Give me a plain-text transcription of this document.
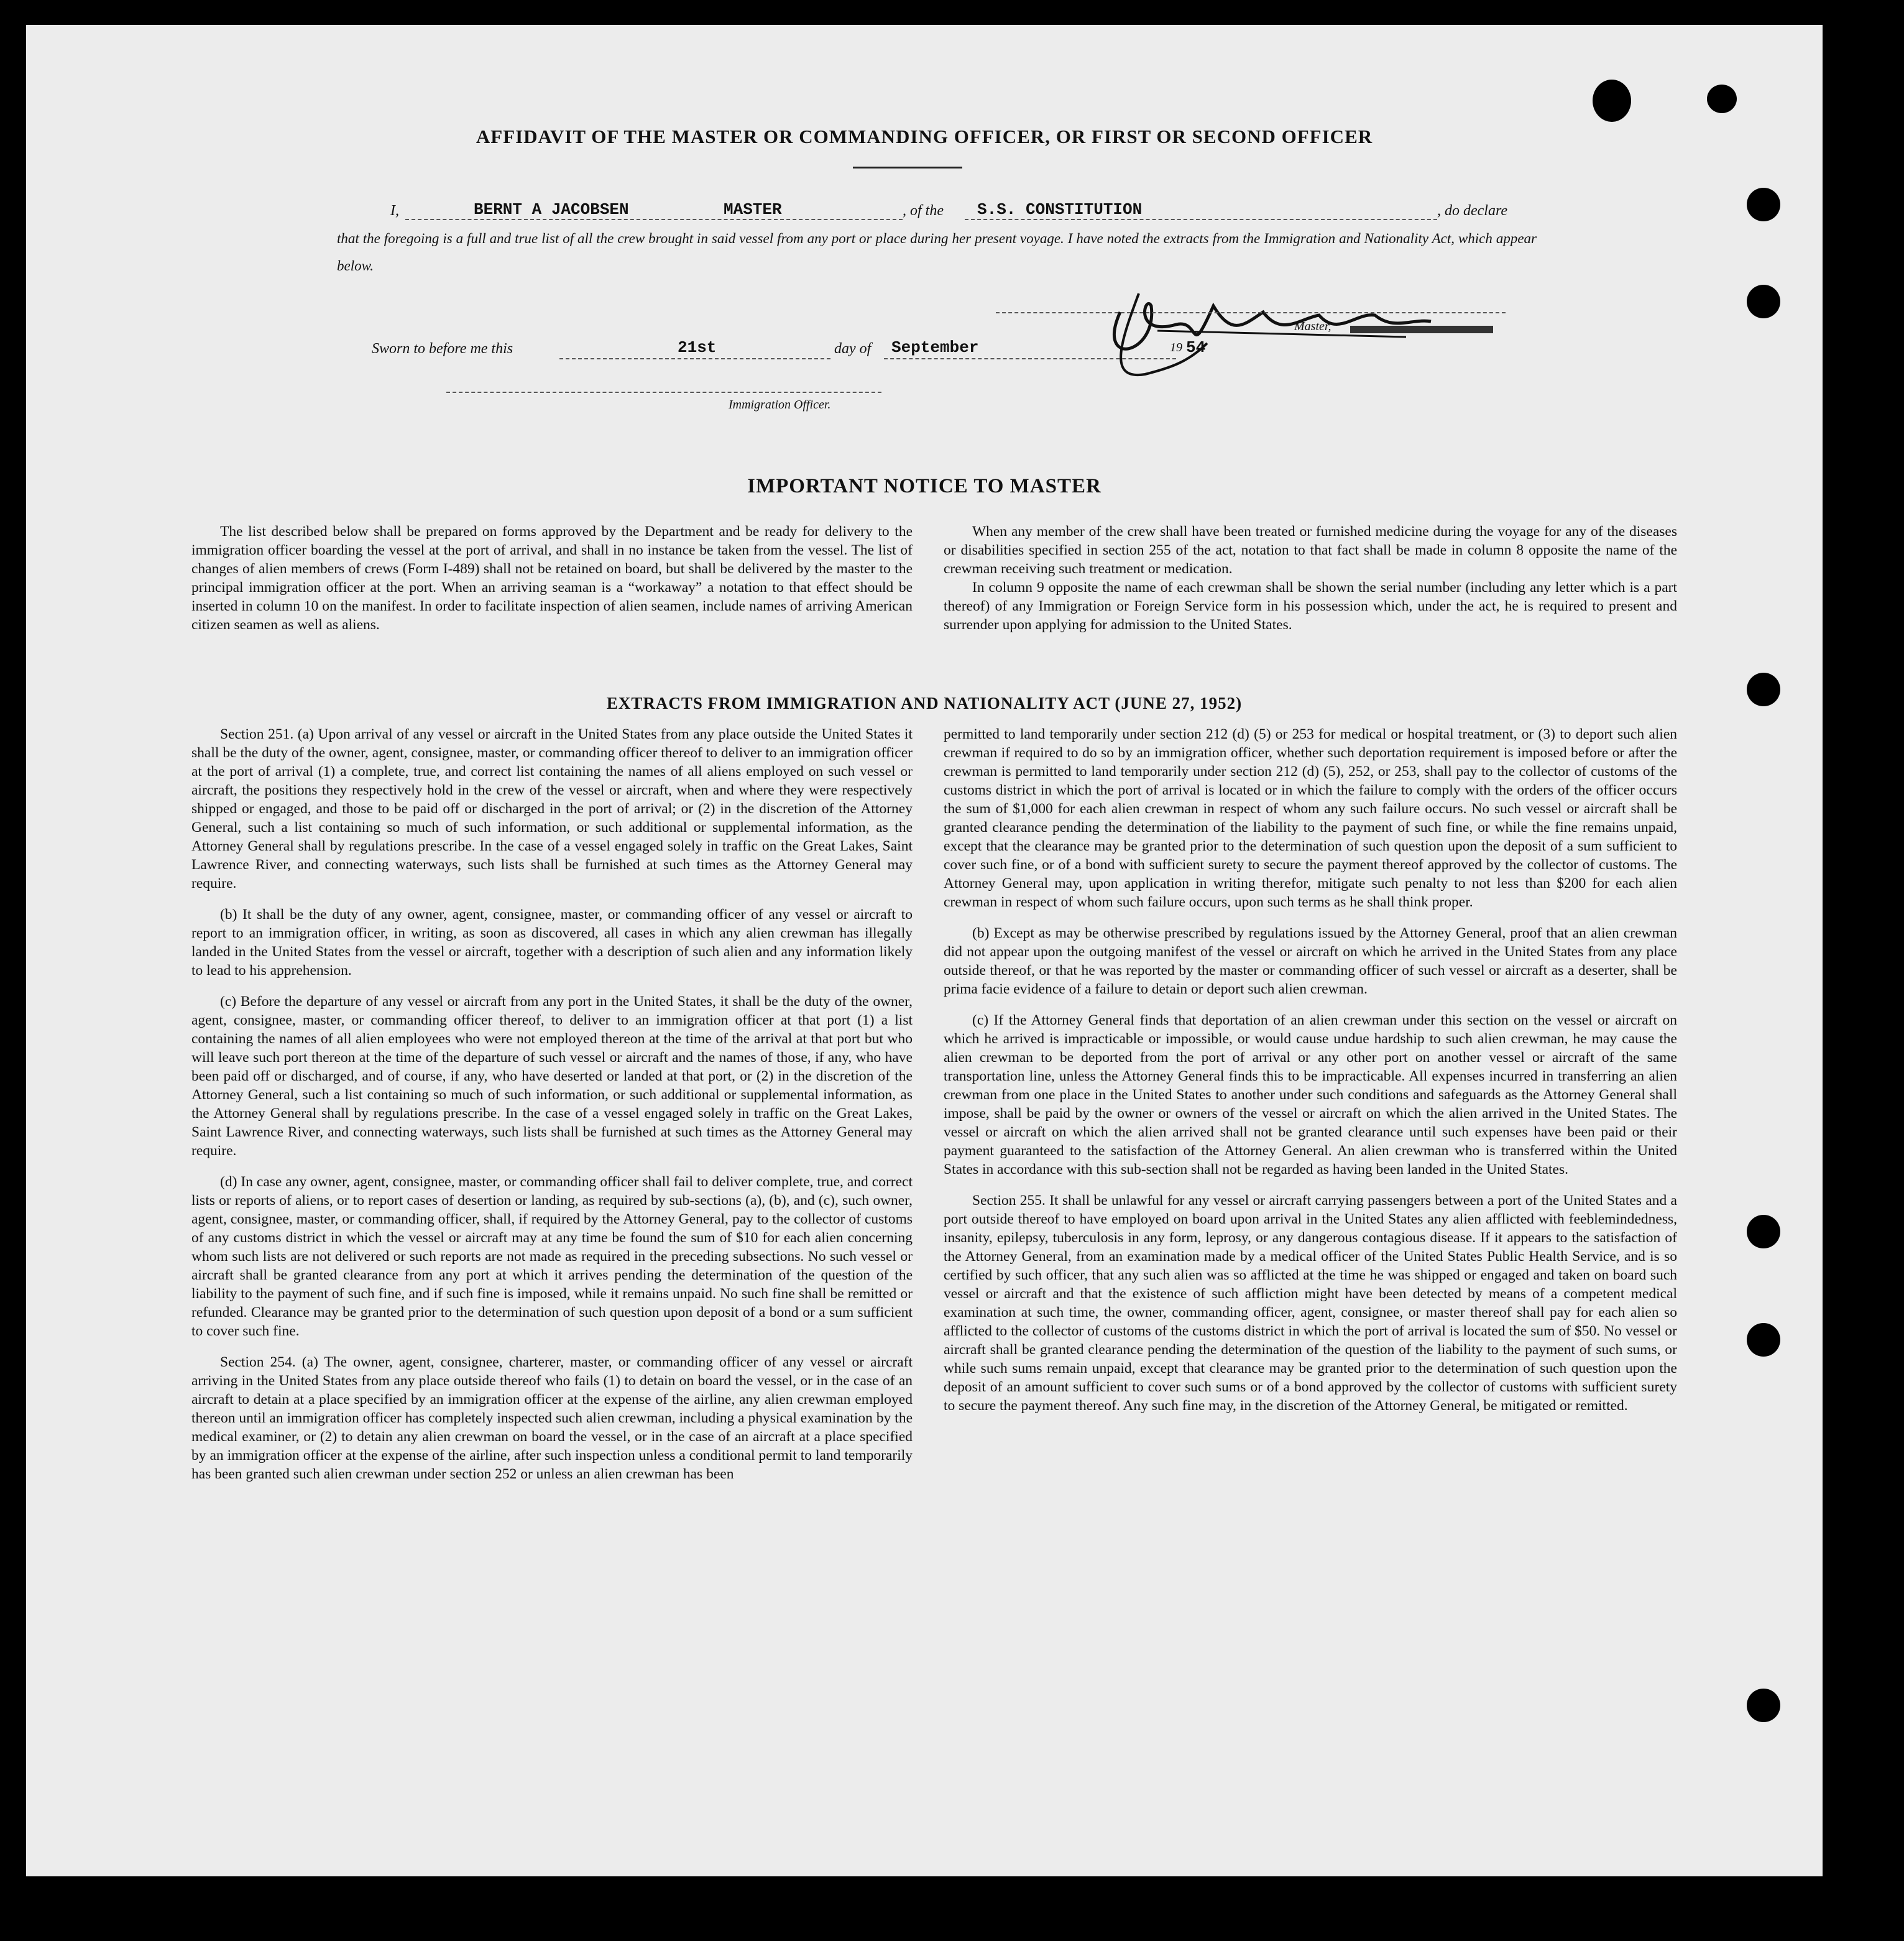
AFFIDAVIT OF THE MASTER OR COMMANDING OFFICER, OR FIRST OR SECOND OFFICER
I,	BERNT A JACOBSEN	MASTER	, of the S.S. CONSTITUTION	, do declare
that the foregoing is a full and true list of all the crew brought in said vessel from any port or place during her present voyage. I have noted the extracts from the Immigration and Nationality Act, which appear below.
Master,
Sworn to before me this	21st	day of September	19 54
Immigration Officer.
IMPORTANT NOTICE TO MASTER

The list described below shall be prepared on forms approved by the Department and be ready for delivery to the immigration officer boarding the vessel at the port of arrival, and shall in no instance be taken from the vessel. The list of changes of alien members of crews (Form I-489) shall not be retained on board, but shall be delivered by the master to the principal immigration officer at the port. When an arriving seaman is a “workaway” a notation to that effect should be inserted in column 10 on the manifest. In order to facilitate inspection of alien seamen, include names of arriving American citizen seamen as well as aliens.

When any member of the crew shall have been treated or furnished medicine during the voyage for any of the diseases or disabilities specified in section 255 of the act, notation to that fact shall be made in column 8 opposite the name of the crewman receiving such treatment or medication.

In column 9 opposite the name of each crewman shall be shown the serial number (including any letter which is a part thereof) of any Immigration or Foreign Service form in his possession which, under the act, he is required to present and surrender upon applying for admission to the United States.

EXTRACTS FROM IMMIGRATION AND NATIONALITY ACT (JUNE 27, 1952)

Section 251. (a) Upon arrival of any vessel or aircraft in the United States from any place outside the United States it shall be the duty of the owner, agent, consignee, master, or commanding officer thereof to deliver to an immigration officer at the port of arrival (1) a complete, true, and correct list containing the names of all aliens employed on such vessel or aircraft, the positions they respectively hold in the crew of the vessel or aircraft, when and where they were respectively shipped or engaged, and those to be paid off or discharged in the port of arrival; or (2) in the discretion of the Attorney General, such a list containing so much of such information, or such additional or supplemental information, as the Attorney General shall by regulations prescribe. In the case of a vessel engaged solely in traffic on the Great Lakes, Saint Lawrence River, and connecting waterways, such lists shall be furnished at such times as the Attorney General may require.

(b) It shall be the duty of any owner, agent, consignee, master, or commanding officer of any vessel or aircraft to report to an immigration officer, in writing, as soon as discovered, all cases in which any alien crewman has illegally landed in the United States from the vessel or aircraft, together with a description of such alien and any information likely to lead to his apprehension.

(c) Before the departure of any vessel or aircraft from any port in the United States, it shall be the duty of the owner, agent, consignee, master, or commanding officer thereof, to deliver to an immigration officer at that port (1) a list containing the names of all alien employees who were not employed thereon at the time of the arrival at that port but who will leave such port thereon at the time of the departure of such vessel or aircraft and the names of those, if any, who have been paid off or discharged, and of course, if any, who have deserted or landed at that port, or (2) in the discretion of the Attorney General, such a list containing so much of such information, or such additional or supplemental information, as the Attorney General shall by regulations prescribe. In the case of a vessel engaged solely in traffic on the Great Lakes, Saint Lawrence River, and connecting waterways, such lists shall be furnished at such times as the Attorney General may require.

(d) In case any owner, agent, consignee, master, or commanding officer shall fail to deliver complete, true, and correct lists or reports of aliens, or to report cases of desertion or landing, as required by sub-sections (a), (b), and (c), such owner, agent, consignee, master, or commanding officer, shall, if required by the Attorney General, pay to the collector of customs of any customs district in which the vessel or aircraft may at any time be found the sum of $10 for each alien concerning whom such lists are not delivered or such reports are not made as required in the preceding subsections. No such vessel or aircraft shall be granted clearance from any port at which it arrives pending the determination of the question of the liability to the payment of such fine, and if such fine is imposed, while it remains unpaid. No such fine shall be remitted or refunded. Clearance may be granted prior to the determination of such question upon deposit of a bond or a sum sufficient to cover such fine.

Section 254. (a) The owner, agent, consignee, charterer, master, or commanding officer of any vessel or aircraft arriving in the United States from any place outside thereof who fails (1) to detain on board the vessel, or in the case of an aircraft to detain at a place specified by an immigration officer at the expense of the airline, any alien crewman employed thereon until an immigration officer has completely inspected such alien crewman, including a physical examination by the medical examiner, or (2) to detain any alien crewman on board the vessel, or in the case of an aircraft at a place specified by an immigration officer at the expense of the airline, after such inspection unless a conditional permit to land temporarily has been granted such alien crewman under section 252 or unless an alien crewman has been

permitted to land temporarily under section 212 (d) (5) or 253 for medical or hospital treatment, or (3) to deport such alien crewman if required to do so by an immigration officer, whether such deportation requirement is imposed before or after the crewman is permitted to land temporarily under section 212 (d) (5), 252, or 253, shall pay to the collector of customs of the customs district in which the port of arrival is located or in which the failure to comply with the orders of the officer occurs the sum of $1,000 for each alien crewman in respect of whom any such failure occurs. No such vessel or aircraft shall be granted clearance pending the determination of the liability to the payment of such fine, or while the fine remains unpaid, except that the clearance may be granted prior to the determination of such question upon the deposit of a sum sufficient to cover such fine, or of a bond with sufficient surety to secure the payment thereof approved by the collector of customs. The Attorney General may, upon application in writing therefor, mitigate such penalty to not less than $200 for each alien crewman in respect of whom such failure occurs, upon such terms as he shall think proper.

(b) Except as may be otherwise prescribed by regulations issued by the Attorney General, proof that an alien crewman did not appear upon the outgoing manifest of the vessel or aircraft on which he arrived in the United States from any place outside thereof, or that he was reported by the master or commanding officer of such vessel or aircraft as a deserter, shall be prima facie evidence of a failure to detain or deport such alien crewman.

(c) If the Attorney General finds that deportation of an alien crewman under this section on the vessel or aircraft on which he arrived is impracticable or impossible, or would cause undue hardship to such alien crewman, he may cause the alien crewman to be deported from the port of arrival or any other port on another vessel or aircraft of the same transportation line, unless the Attorney General finds this to be impracticable. All expenses incurred in transferring an alien crewman from one place in the United States to another under such conditions and safeguards as the Attorney General shall impose, shall be paid by the owner or owners of the vessel or aircraft on which the alien arrived in the United States. The vessel or aircraft on which the alien arrived shall not be granted clearance until such expenses have been paid or their payment guaranteed to the satisfaction of the Attorney General. An alien crewman who is transferred within the United States in accordance with this sub-section shall not be regarded as having been landed in the United States.

Section 255. It shall be unlawful for any vessel or aircraft carrying passengers between a port of the United States and a port outside thereof to have employed on board upon arrival in the United States any alien afflicted with feeblemindedness, insanity, epilepsy, tuberculosis in any form, leprosy, or any dangerous contagious disease. If it appears to the satisfaction of the Attorney General, from an examination made by a medical officer of the United States Public Health Service, and is so certified by such officer, that any such alien was so afflicted at the time he was shipped or engaged and taken on board such vessel or aircraft and that the existence of such affliction might have been detected by means of a competent medical examination at such time, the owner, commanding officer, agent, consignee, or master thereof shall pay for each alien so afflicted to the collector of customs of the customs district in which the port of arrival is located the sum of $50. No vessel or aircraft shall be granted clearance pending the determination of the question of the liability to the payment of such sums, or while such sums remain unpaid, except that clearance may be granted prior to the determination of such question upon the deposit of an amount sufficient to cover such sums or of a bond approved by the collector of customs with sufficient surety to secure the payment thereof. Any such fine may, in the discretion of the Attorney General, be mitigated or remitted.
